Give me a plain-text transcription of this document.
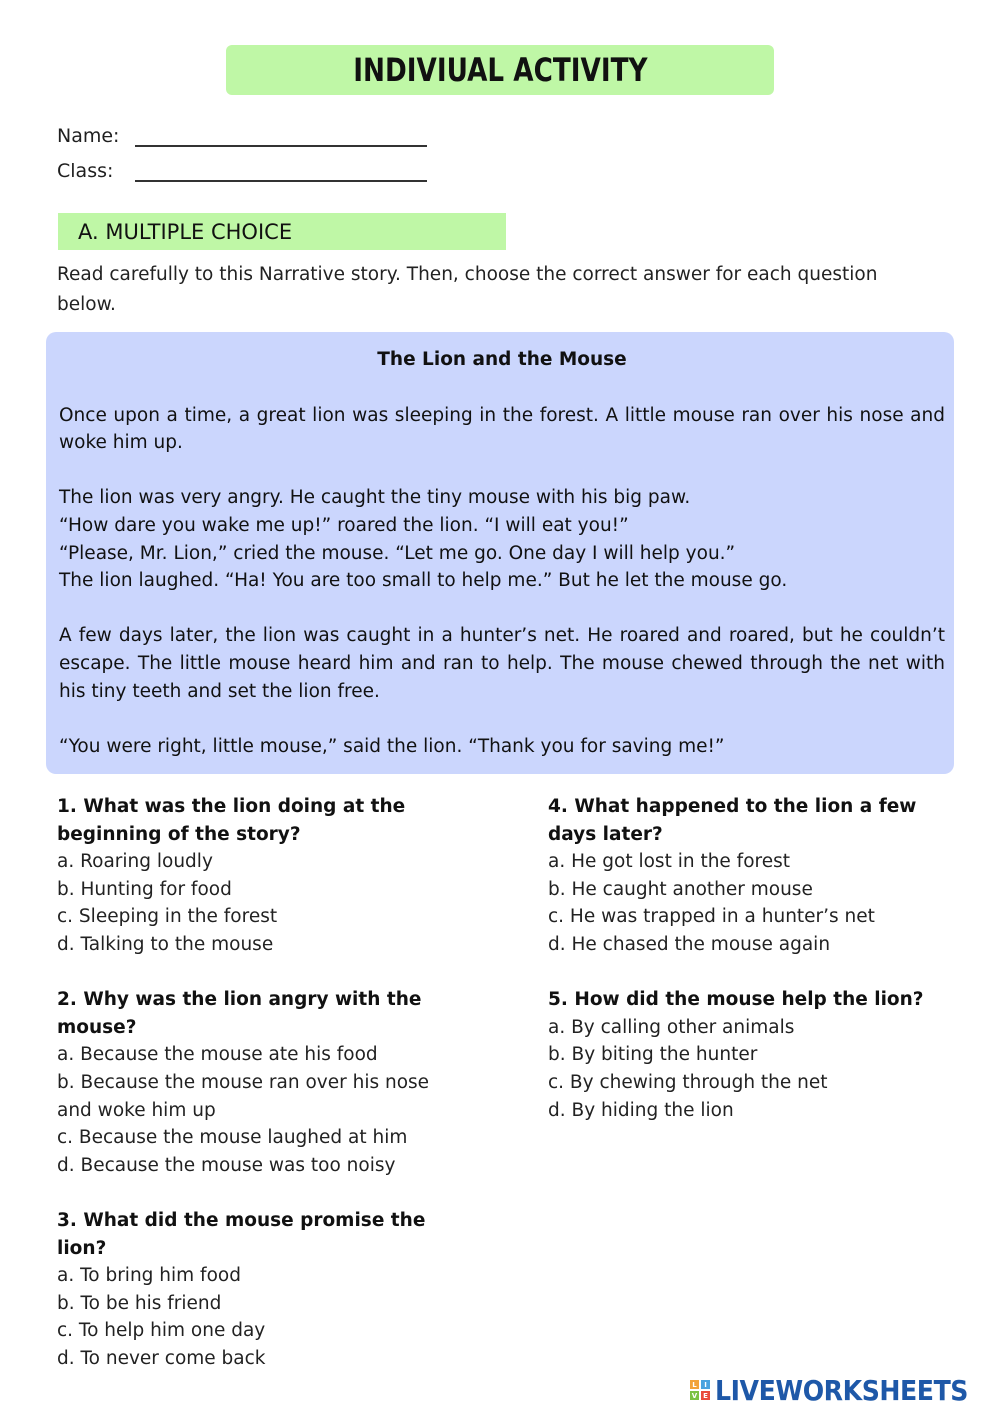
INDIVIUAL ACTIVITY
Name:
Class:
A. MULTIPLE CHOICE
Read carefully to this Narrative story. Then, choose the correct answer for each question below.
The Lion and the Mouse
Once upon a time, a great lion was sleeping in the forest. A little mouse ran over his nose and woke him up.
The lion was very angry. He caught the tiny mouse with his big paw.
“How dare you wake me up!” roared the lion. “I will eat you!”
“Please, Mr. Lion,” cried the mouse. “Let me go. One day I will help you.”
The lion laughed. “Ha! You are too small to help me.” But he let the mouse go.
A few days later, the lion was caught in a hunter’s net. He roared and roared, but he couldn’t escape. The little mouse heard him and ran to help. The mouse chewed through the net with his tiny teeth and set the lion free.
“You were right, little mouse,” said the lion. “Thank you for saving me!”
1. What was the lion doing at the beginning of the story?
a. Roaring loudly
b. Hunting for food
c. Sleeping in the forest
d. Talking to the mouse
2. Why was the lion angry with the mouse?
a. Because the mouse ate his food
b. Because the mouse ran over his nose and woke him up
c. Because the mouse laughed at him
d. Because the mouse was too noisy
3. What did the mouse promise the lion?
a. To bring him food
b. To be his friend
c. To help him one day
d. To never come back
4. What happened to the lion a few days later?
a. He got lost in the forest
b. He caught another mouse
c. He was trapped in a hunter’s net
d. He chased the mouse again
5. How did the mouse help the lion?
a. By calling other animals
b. By biting the hunter
c. By chewing through the net
d. By hiding the lion
L	I
V E LIVEWORKSHEETS
